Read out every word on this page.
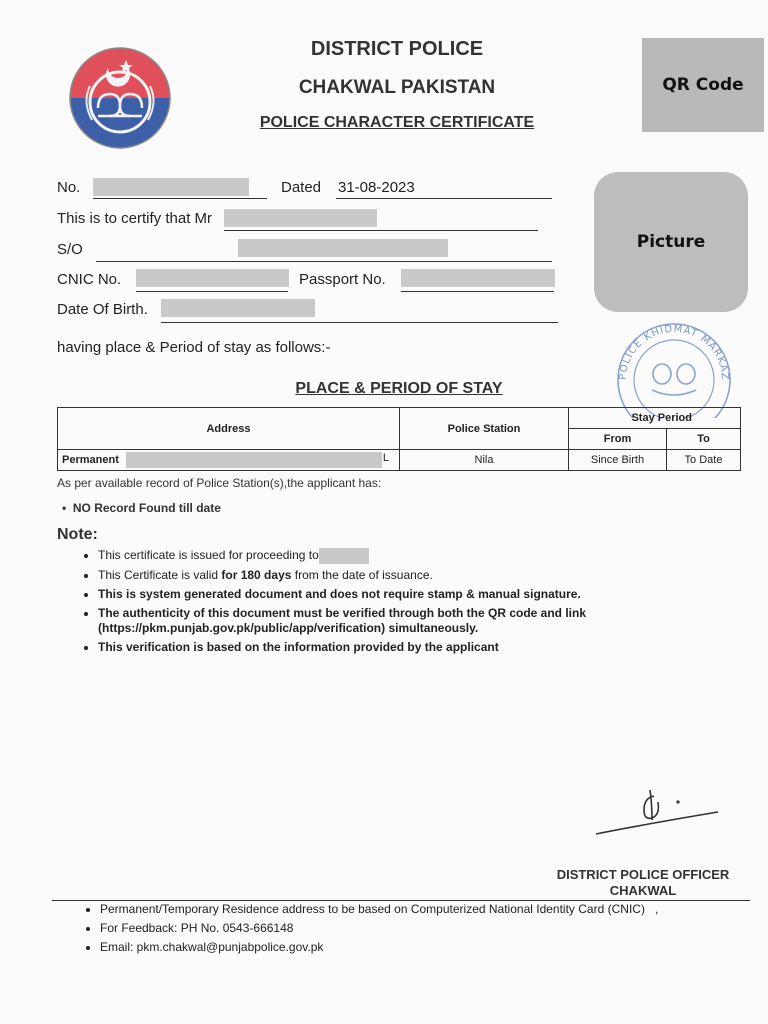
DISTRICT POLICE
CHAKWAL PAKISTAN
POLICE CHARACTER CERTIFICATE
QR Code
No.	Dated 31-08-2023
This is to certify that Mr
S/O
CNIC No.	Passport No.
Date Of Birth.
having place & Period of stay as follows:-
Picture
POLICE KHIDMAT MARKAZ
PLACE & PERIOD OF STAY
Address	Police Station	Stay Period	
		From	To
Permanent L	Nila	Since Birth	To Date
As per available record of Police Station(s),the applicant has:
• NO Record Found till date
Note:
• This certificate is issued for proceeding to
• This Certificate is valid for 180 days from the date of issuance.
• This is system generated document and does not require stamp & manual signature.
• The authenticity of this document must be verified through both the QR code and link (https://pkm.punjab.gov.pk/public/app/verification) simultaneously.
• This verification is based on the information provided by the applicant
DISTRICT POLICE OFFICER
CHAKWAL
• Permanent/Temporary Residence address to be based on Computerized National Identity Card (CNIC) ,
• For Feedback: PH No. 0543-666148
• Email: pkm.chakwal@punjabpolice.gov.pk
